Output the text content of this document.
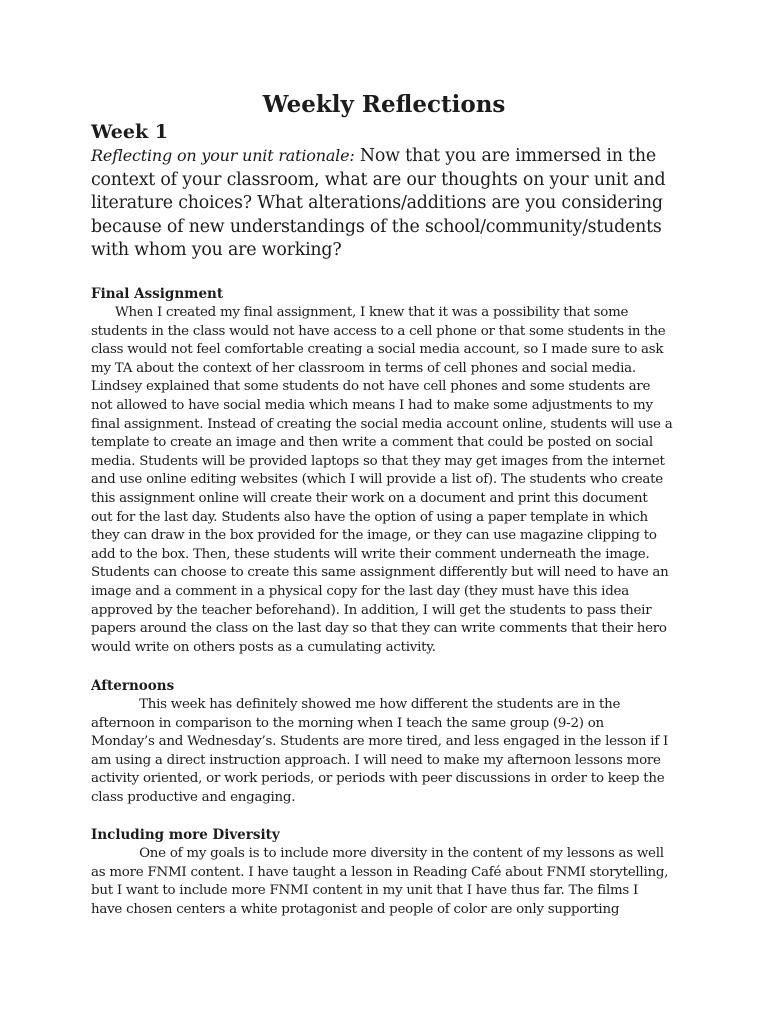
Weekly Reflections
Week 1

Reflecting on your unit rationale: Now that you are immersed in the context of your classroom, what are our thoughts on your unit and literature choices? What alterations/additions are you considering because of new understandings of the school/community/students with whom you are working?

Final Assignment
When I created my final assignment, I knew that it was a possibility that some
students in the class would not have access to a cell phone or that some students in the
class would not feel comfortable creating a social media account, so I made sure to ask
my TA about the context of her classroom in terms of cell phones and social media.
Lindsey explained that some students do not have cell phones and some students are
not allowed to have social media which means I had to make some adjustments to my
final assignment. Instead of creating the social media account online, students will use a
template to create an image and then write a comment that could be posted on social
media. Students will be provided laptops so that they may get images from the internet
and use online editing websites (which I will provide a list of). The students who create
this assignment online will create their work on a document and print this document
out for the last day. Students also have the option of using a paper template in which
they can draw in the box provided for the image, or they can use magazine clipping to
add to the box. Then, these students will write their comment underneath the image.
Students can choose to create this same assignment differently but will need to have an
image and a comment in a physical copy for the last day (they must have this idea
approved by the teacher beforehand). In addition, I will get the students to pass their
papers around the class on the last day so that they can write comments that their hero
would write on others posts as a cumulating activity.
Afternoons
This week has definitely showed me how different the students are in the
afternoon in comparison to the morning when I teach the same group (9-2) on
Monday’s and Wednesday’s. Students are more tired, and less engaged in the lesson if I
am using a direct instruction approach. I will need to make my afternoon lessons more
activity oriented, or work periods, or periods with peer discussions in order to keep the
class productive and engaging.
Including more Diversity
One of my goals is to include more diversity in the content of my lessons as well
as more FNMI content. I have taught a lesson in Reading Café about FNMI storytelling,
but I want to include more FNMI content in my unit that I have thus far. The films I
have chosen centers a white protagonist and people of color are only supporting
